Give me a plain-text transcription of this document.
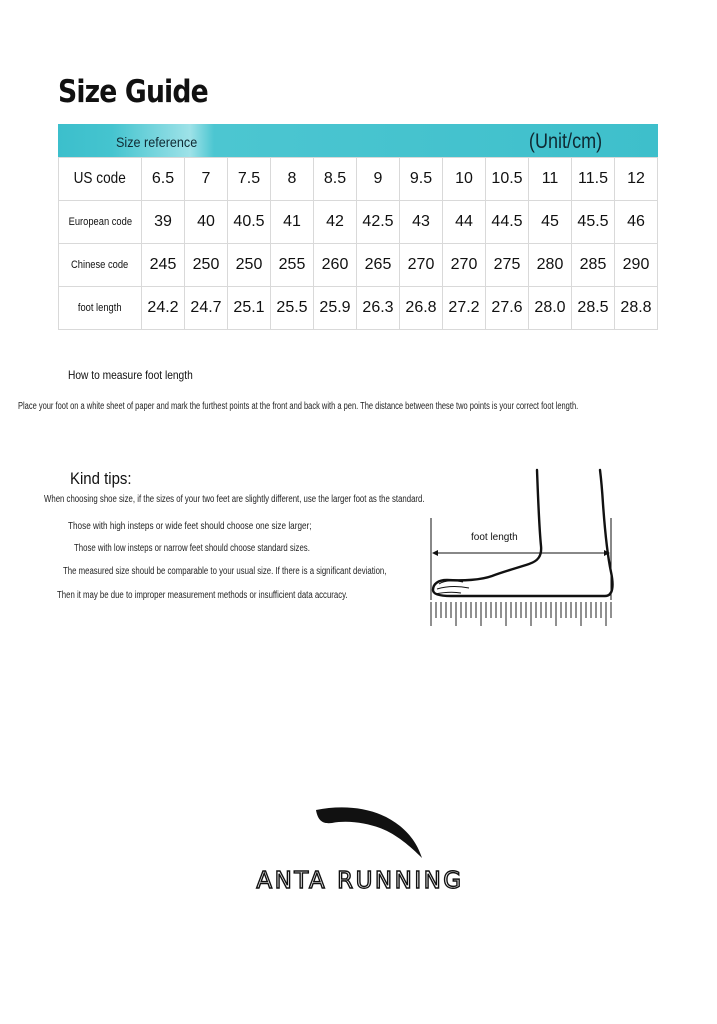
Size Guide
Size reference	(Unit/cm)
US code	6.5	7	7.5	8	8.5	9	9.5	10	10.5	11	11.5	12
European code	39	40	40.5	41	42	42.5	43	44	44.5	45	45.5	46
Chinese code	245	250	250	255	260	265	270	270	275	280	285	290
foot length	24.2	24.7	25.1	25.5	25.9	26.3	26.8	27.2	27.6	28.0	28.5	28.8
How to measure foot length
Place your foot on a white sheet of paper and mark the furthest points at the front and back with a pen. The distance between these two points is your correct foot length.
Kind tips:
When choosing shoe size, if the sizes of your two feet are slightly different, use the larger foot as the standard.
Those with high insteps or wide feet should choose one size larger;
Those with low insteps or narrow feet should choose standard sizes.
The measured size should be comparable to your usual size. If there is a significant deviation,
Then it may be due to improper measurement methods or insufficient data accuracy.
foot length
ANTA RUNNING
